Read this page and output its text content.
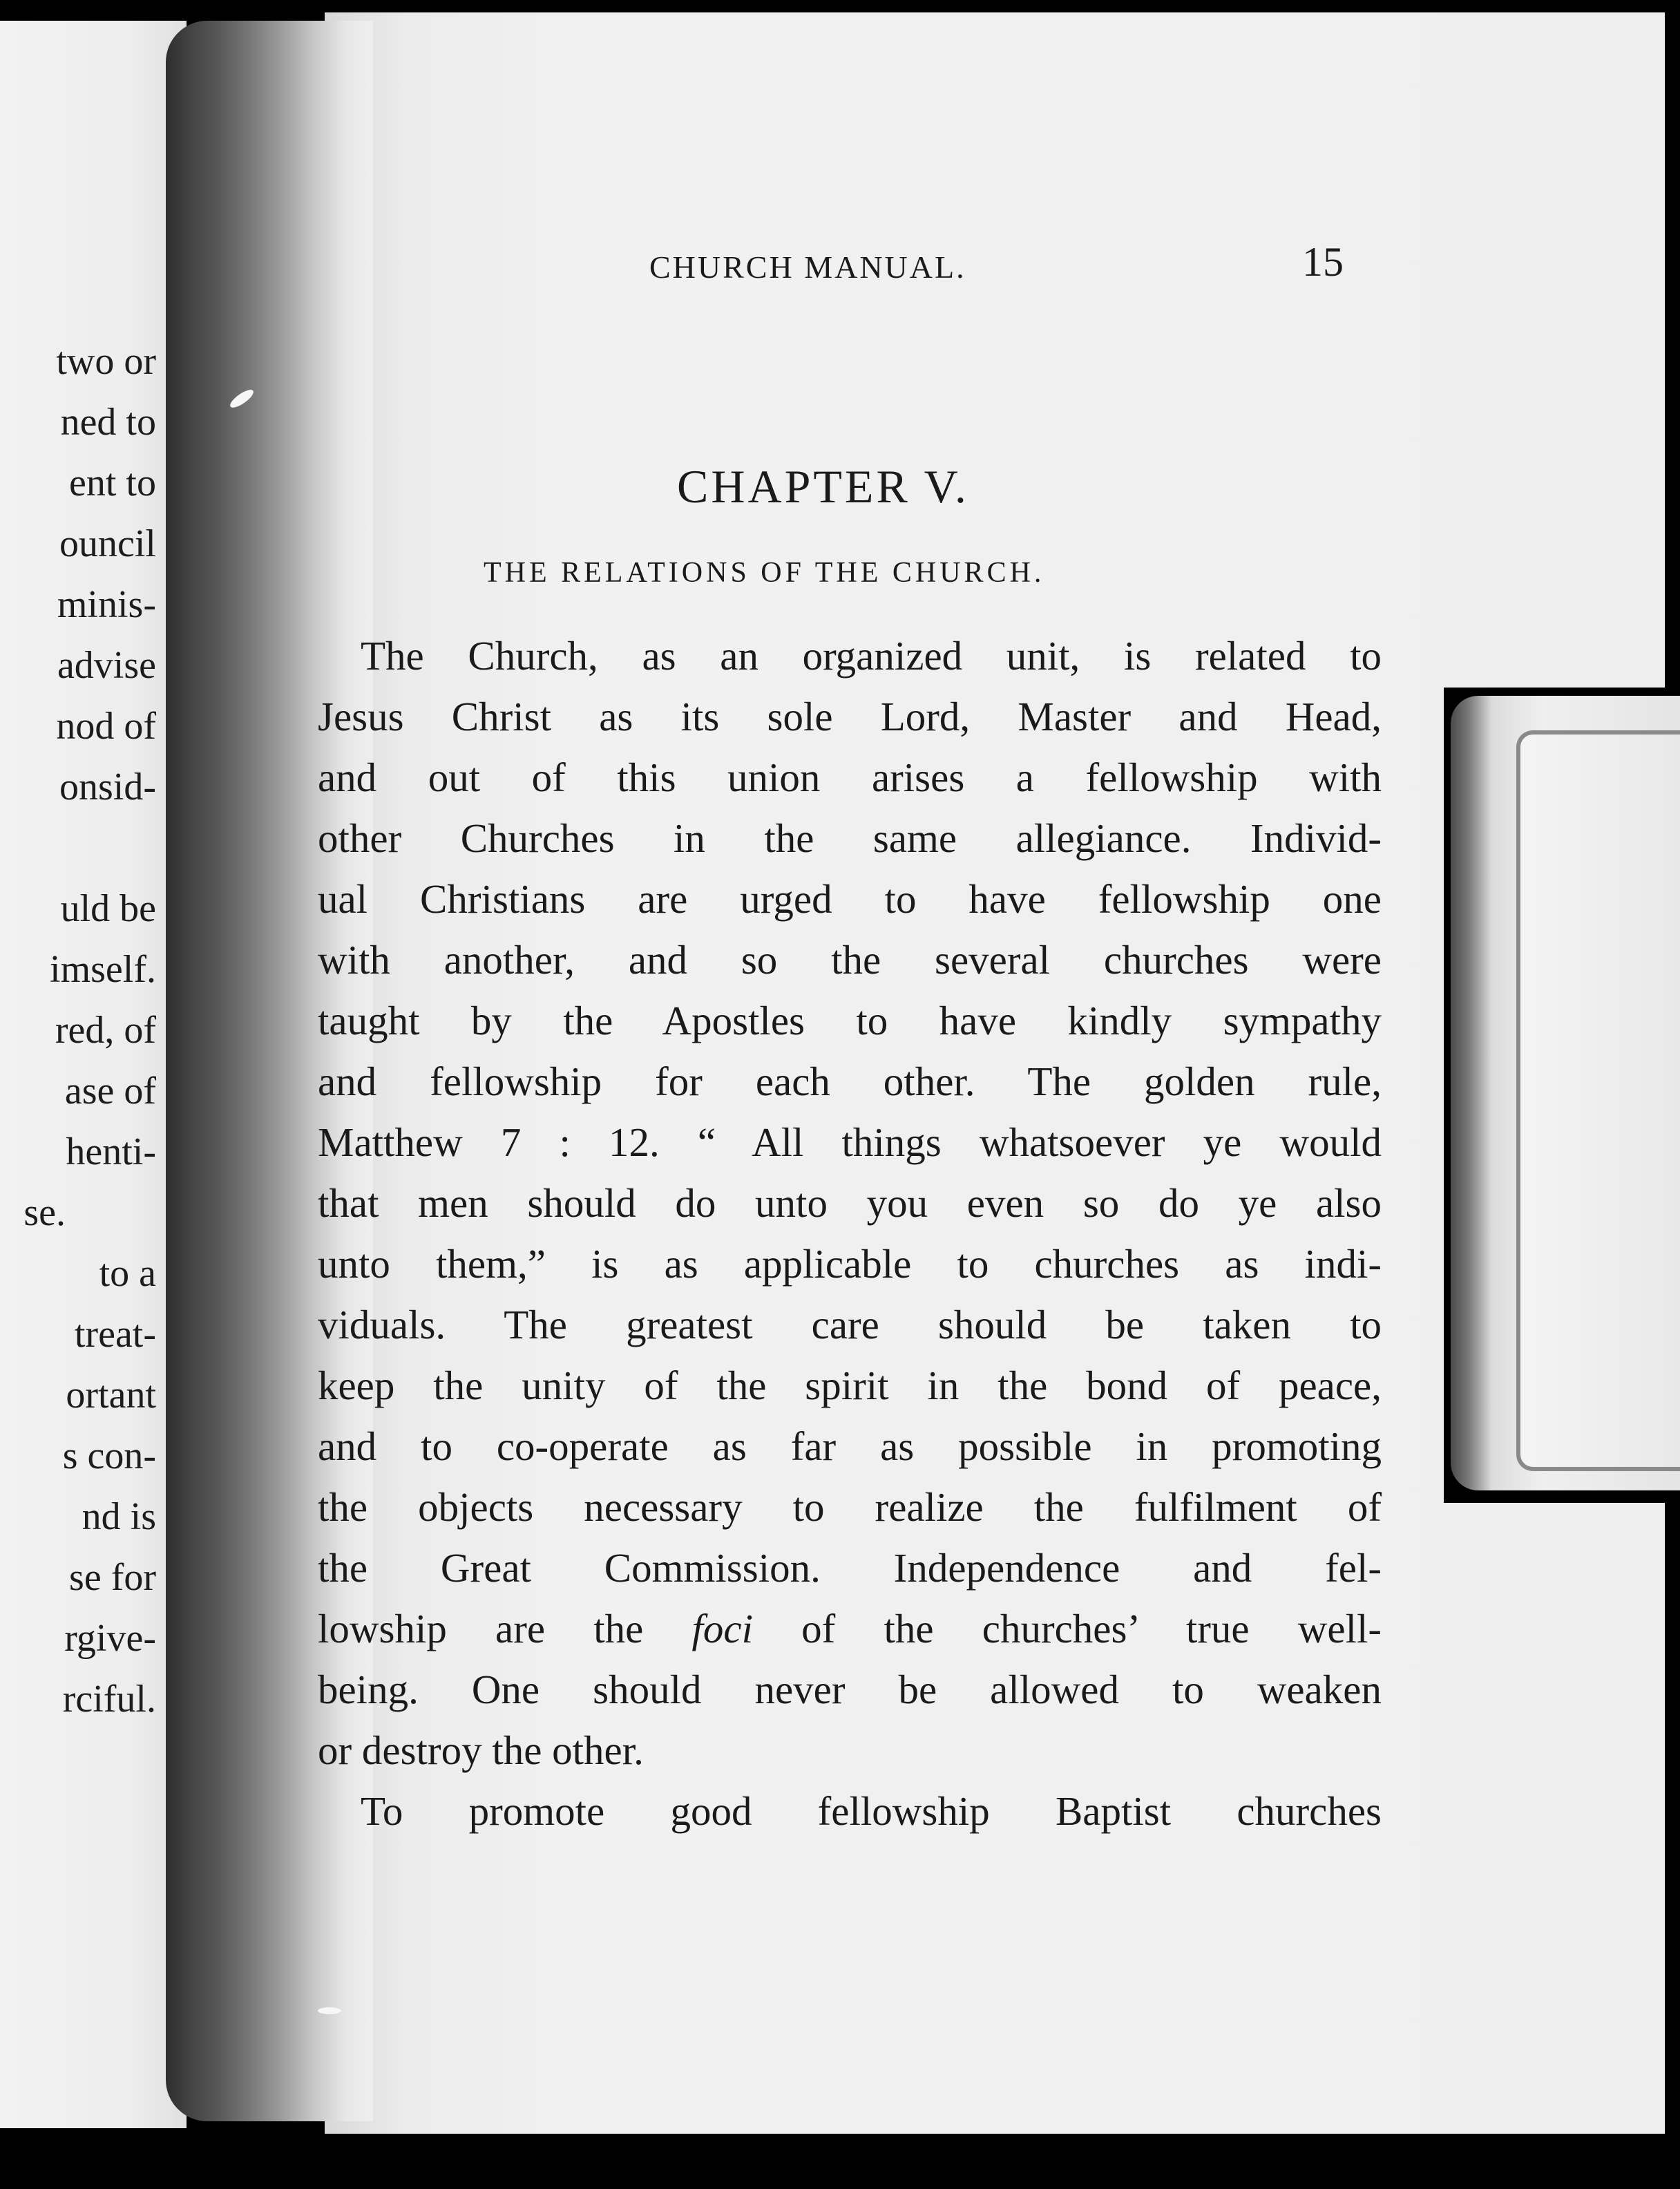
two or
ned to
ent to
ouncil
minis-
advise
nod of
onsid-
uld be
imself.
red, of
ase of
henti-
se.
to a
treat-
ortant
s con-
nd is
se for
rgive-
rciful.
CHURCH MANUAL.	15
CHAPTER V.
THE RELATIONS OF THE CHURCH.
The Church, as an organized unit, is related to
Jesus Christ as its sole Lord, Master and Head,
and out of this union arises a fellowship with
other Churches in the same allegiance. Individ-
ual Christians are urged to have fellowship one
with another, and so the several churches were
taught by the Apostles to have kindly sympathy
and fellowship for each other. The golden rule,
Matthew 7 : 12. “ All things whatsoever ye would
that men should do unto you even so do ye also
unto them,” is as applicable to churches as indi-
viduals. The greatest care should be taken to
keep the unity of the spirit in the bond of peace,
and to co-operate as far as possible in promoting
the objects necessary to realize the fulfilment of
the Great Commission. Independence and fel-
lowship are the foci of the churches’ true well-
being. One should never be allowed to weaken
or destroy the other.
To promote good fellowship Baptist churches
